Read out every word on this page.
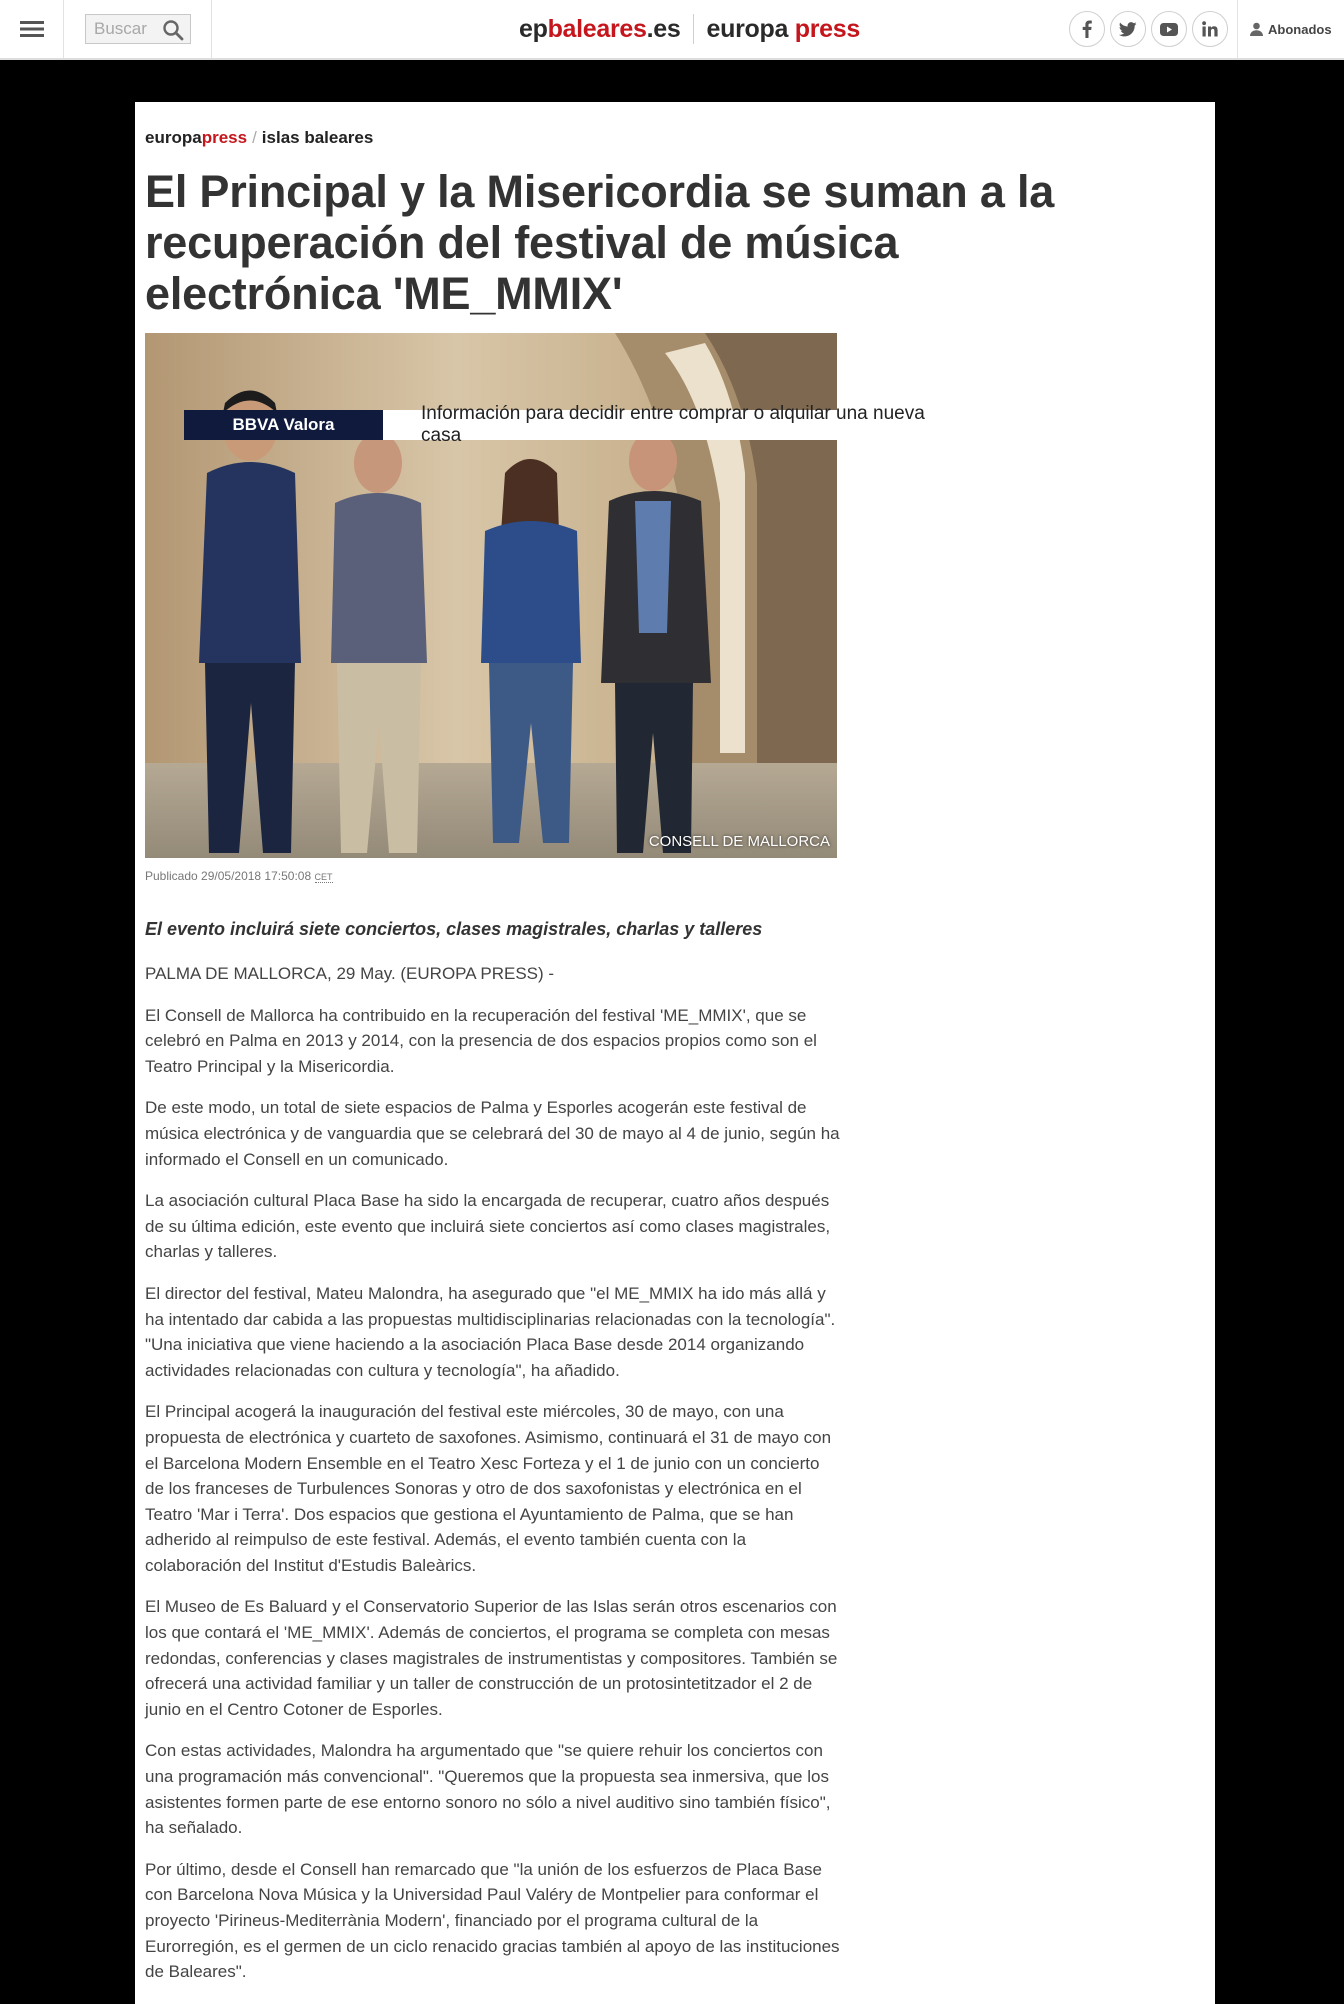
Buscar
ep baleares .es europa press	Abonados
europapress / islas baleares
El Principal y la Misericordia se suman a la recuperación del festival de música electrónica 'ME_MMIX'
CONSELL DE MALLORCA
BBVA Valora
Información para decidir entre comprar o alquilar una nueva casa
Publicado 29/05/2018 17:50:08 CET

El evento incluirá siete conciertos, clases magistrales, charlas y talleres

PALMA DE MALLORCA, 29 May. (EUROPA PRESS) -

El Consell de Mallorca ha contribuido en la recuperación del festival 'ME_MMIX', que se celebró en Palma en 2013 y 2014, con la presencia de dos espacios propios como son el Teatro Principal y la Misericordia.

De este modo, un total de siete espacios de Palma y Esporles acogerán este festival de música electrónica y de vanguardia que se celebrará del 30 de mayo al 4 de junio, según ha informado el Consell en un comunicado.

La asociación cultural Placa Base ha sido la encargada de recuperar, cuatro años después de su última edición, este evento que incluirá siete conciertos así como clases magistrales, charlas y talleres.

El director del festival, Mateu Malondra, ha asegurado que "el ME_MMIX ha ido más allá y ha intentado dar cabida a las propuestas multidisciplinarias relacionadas con la tecnología". "Una iniciativa que viene haciendo a la asociación Placa Base desde 2014 organizando actividades relacionadas con cultura y tecnología", ha añadido.

El Principal acogerá la inauguración del festival este miércoles, 30 de mayo, con una propuesta de electrónica y cuarteto de saxofones. Asimismo, continuará el 31 de mayo con el Barcelona Modern Ensemble en el Teatro Xesc Forteza y el 1 de junio con un concierto de los franceses de Turbulences Sonoras y otro de dos saxofonistas y electrónica en el Teatro 'Mar i Terra'. Dos espacios que gestiona el Ayuntamiento de Palma, que se han adherido al reimpulso de este festival. Además, el evento también cuenta con la colaboración del Institut d'Estudis Baleàrics.

El Museo de Es Baluard y el Conservatorio Superior de las Islas serán otros escenarios con los que contará el 'ME_MMIX'. Además de conciertos, el programa se completa con mesas redondas, conferencias y clases magistrales de instrumentistas y compositores. También se ofrecerá una actividad familiar y un taller de construcción de un protosintetitzador el 2 de junio en el Centro Cotoner de Esporles.

Con estas actividades, Malondra ha argumentado que "se quiere rehuir los conciertos con una programación más convencional". "Queremos que la propuesta sea inmersiva, que los asistentes formen parte de ese entorno sonoro no sólo a nivel auditivo sino también físico", ha señalado.

Por último, desde el Consell han remarcado que "la unión de los esfuerzos de Placa Base con Barcelona Nova Música y la Universidad Paul Valéry de Montpelier para conformar el proyecto 'Pirineus-Mediterrània Modern', financiado por el programa cultural de la Eurorregión, es el germen de un ciclo renacido gracias también al apoyo de las instituciones de Baleares".
